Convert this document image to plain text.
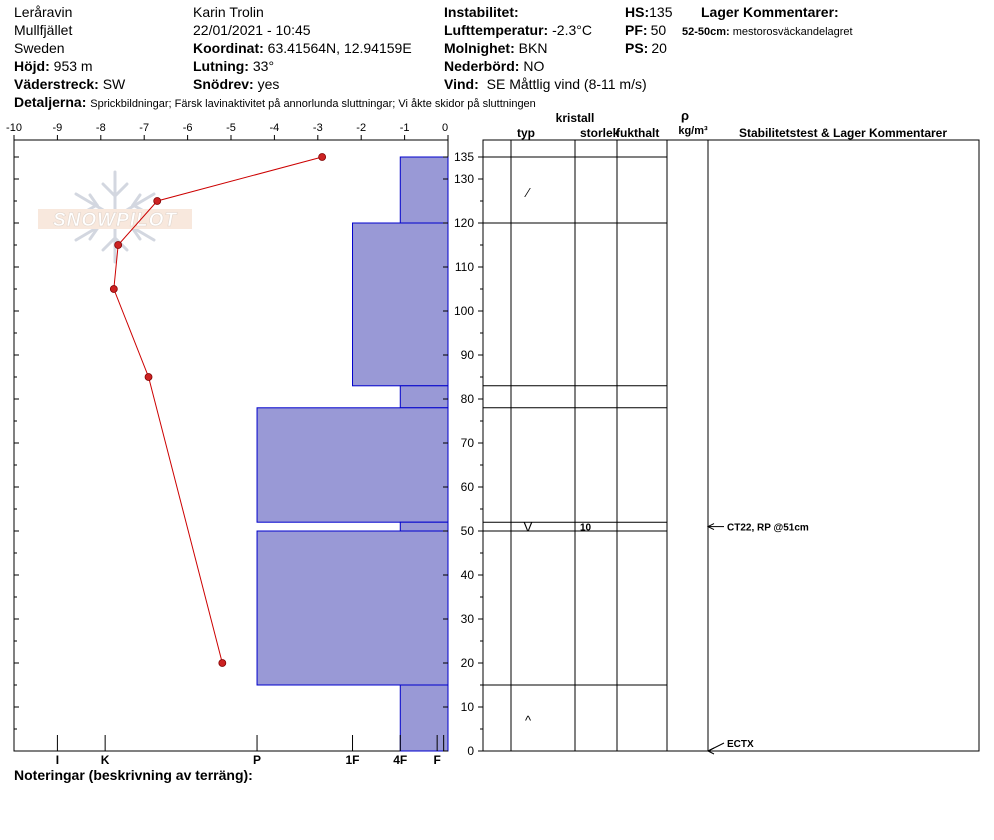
Leråravin
Mullfjället
Sweden
Höjd: 953 m
Väderstreck: SW
Karin Trolin
22/01/2021 - 10:45
Koordinat: 63.41564N, 12.94159E
Lutning: 33°
Snödrev: yes
Instabilitet:
Lufttemperatur: -2.3°C
Molnighet: BKN
Nederbörd: NO
Vind: SE Måttlig vind (8-11 m/s)
HS:135
PF: 50
PS: 20
Lager Kommentarer:
52-50cm: mestorosväckandelagret
Detaljerna: Sprickbildningar; Färsk lavinaktivitet på annorlunda sluttningar; Vi åkte skidor på sluttningen
SNOWPILOT
-10	-9	-8	-7	-6	-5	-4	-3	-2	-1	0
I	K	P	1F	4F F
0
10
20
30
40
50
60
70
80
90
100
110
120
130
135
typ
kristall
storlek
fukthalt
ρ
kg/m³	Stabilitetstest & Lager Kommentarer
⁄
V	10
^
CT22, RP @51cm
ECTX
Noteringar (beskrivning av terräng):
